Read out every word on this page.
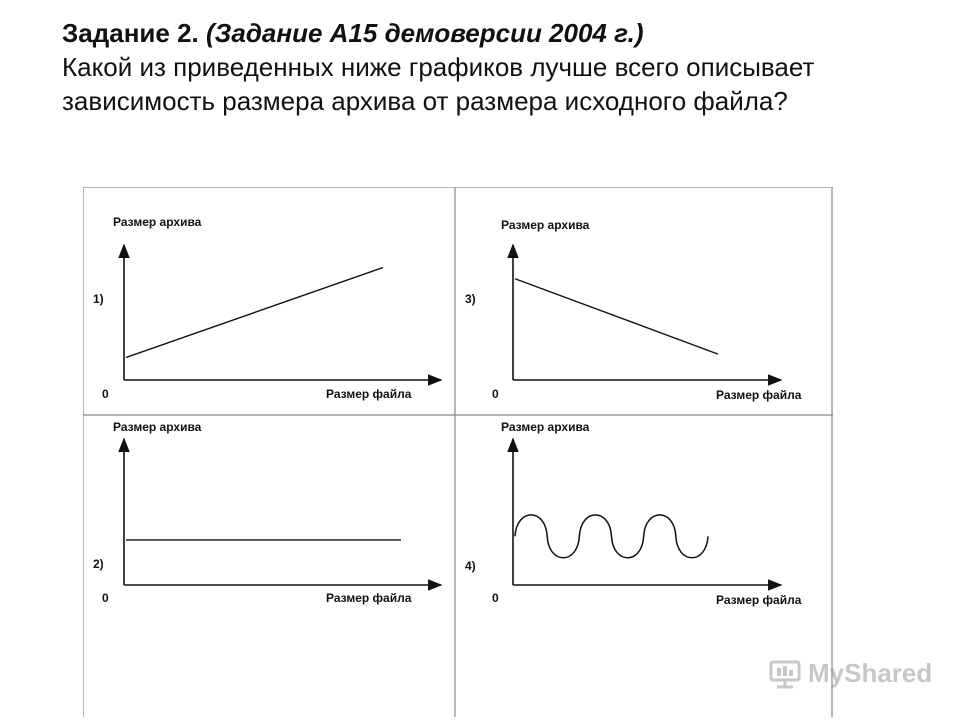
Задание 2. (Задание А15 демоверсии 2004 г.)
Какой из приведенных ниже графиков лучше всего описывает зависимость размера архива от размера исходного файла?
Размер архива
Размер файла
0
1)
Размер архива
Размер файла
0
2)
Размер архива
Размер файла
0
3)
Размер архива
Размер файла
0
4)
MyShared
